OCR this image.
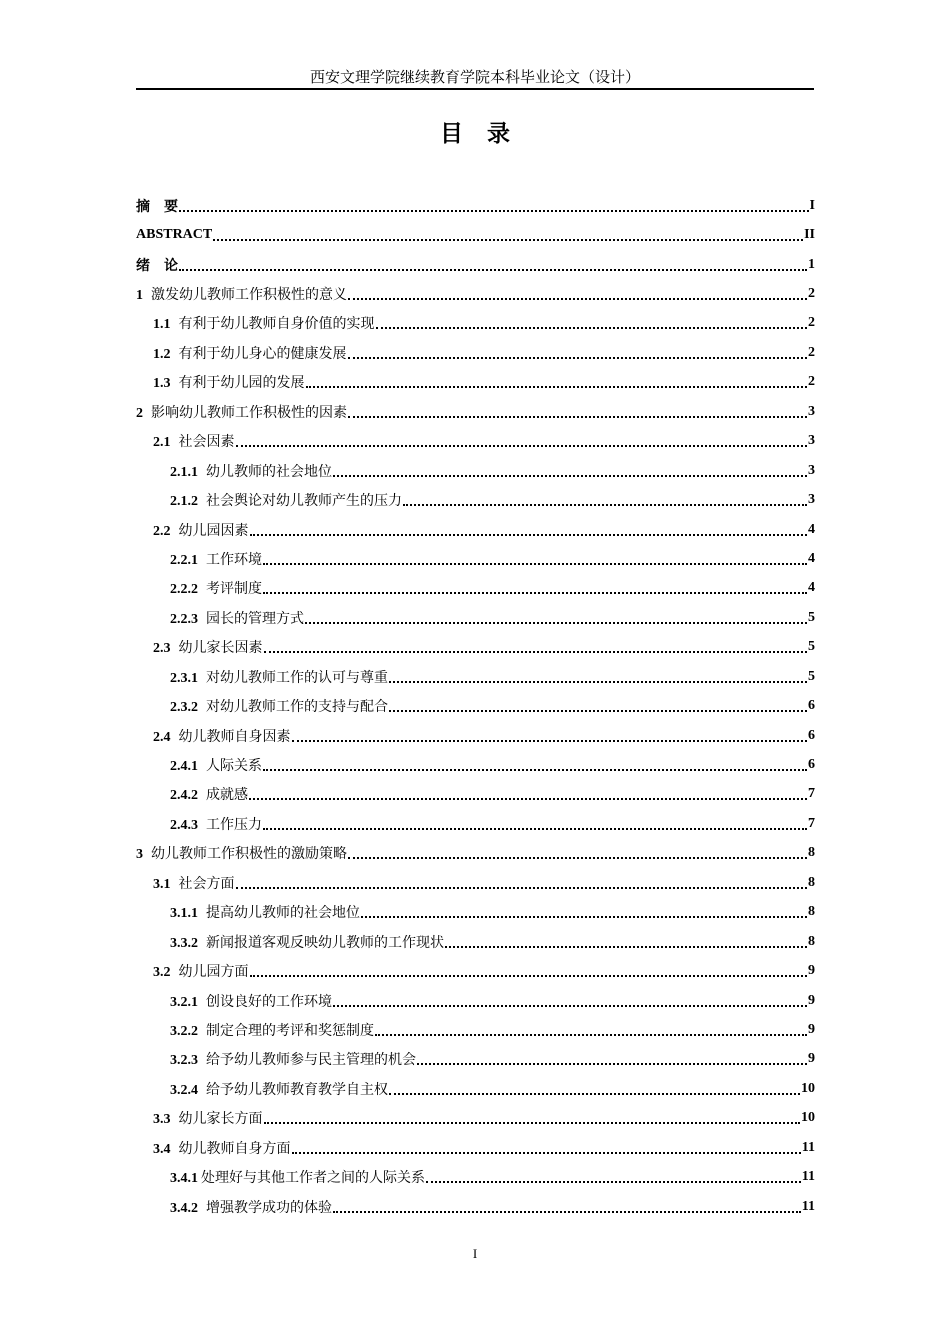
西安文理学院继续教育学院本科毕业论文（设计）
目录
摘　要	I
ABSTRACT	II
绪　论	1
1 激发幼儿教师工作积极性的意义	2
1.1 有利于幼儿教师自身价值的实现	2
1.2 有利于幼儿身心的健康发展	2
1.3 有利于幼儿园的发展	2
2 影响幼儿教师工作积极性的因素	3
2.1 社会因素	3
2.1.1 幼儿教师的社会地位	3
2.1.2 社会舆论对幼儿教师产生的压力	3
2.2 幼儿园因素	4
2.2.1 工作环境	4
2.2.2 考评制度	4
2.2.3 园长的管理方式	5
2.3 幼儿家长因素	5
2.3.1 对幼儿教师工作的认可与尊重	5
2.3.2 对幼儿教师工作的支持与配合	6
2.4 幼儿教师自身因素	6
2.4.1 人际关系	6
2.4.2 成就感	7
2.4.3 工作压力	7
3 幼儿教师工作积极性的激励策略	8
3.1 社会方面	8
3.1.1 提高幼儿教师的社会地位	8
3.3.2 新闻报道客观反映幼儿教师的工作现状	8
3.2 幼儿园方面	9
3.2.1 创设良好的工作环境	9
3.2.2 制定合理的考评和奖惩制度	9
3.2.3 给予幼儿教师参与民主管理的机会	9
3.2.4 给予幼儿教师教育教学自主权	10
3.3 幼儿家长方面	10
3.4 幼儿教师自身方面	11
3.4.1 处理好与其他工作者之间的人际关系	11
3.4.2 增强教学成功的体验	11
I
